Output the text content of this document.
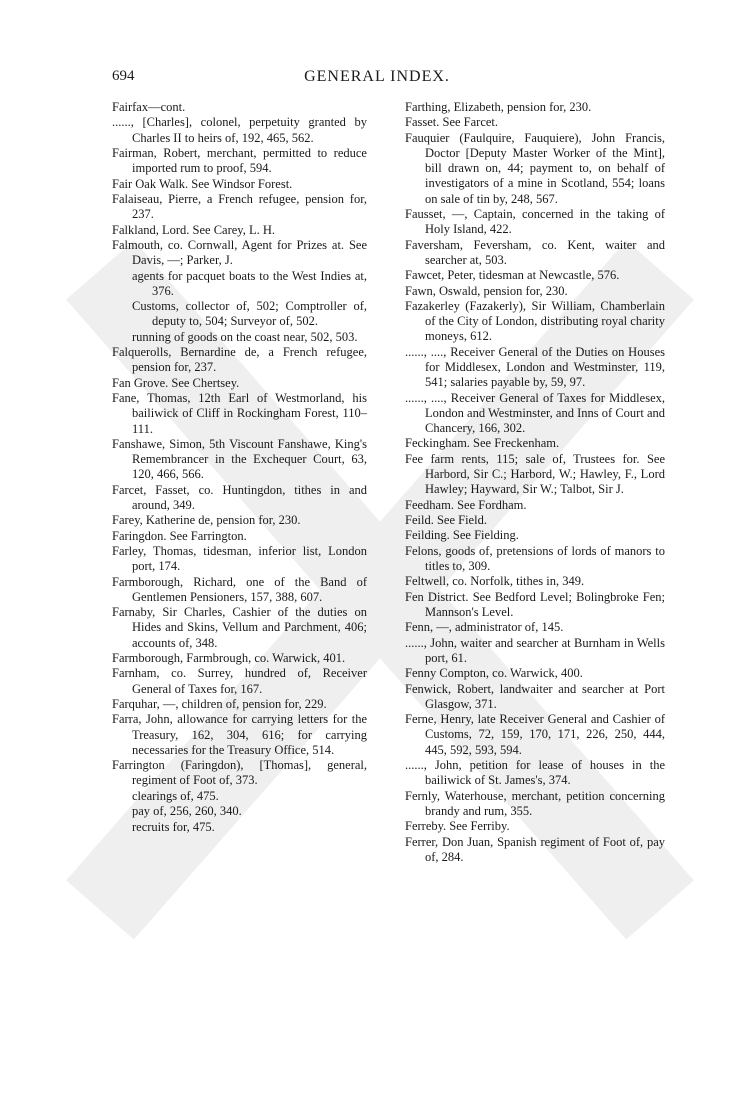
694	GENERAL INDEX.

Fairfax—cont.

......, [Charles], colonel, perpetuity granted by Charles II to heirs of, 192, 465, 562.

Fairman, Robert, merchant, permitted to reduce imported rum to proof, 594.

Fair Oak Walk. See Windsor Forest.

Falaiseau, Pierre, a French refugee, pension for, 237.

Falkland, Lord. See Carey, L. H.

Falmouth, co. Cornwall, Agent for Prizes at. See Davis, —; Parker, J.

agents for pacquet boats to the West Indies at, 376.

Customs, collector of, 502; Comptroller of, deputy to, 504; Surveyor of, 502.

running of goods on the coast near, 502, 503.

Falquerolls, Bernardine de, a French refugee, pension for, 237.

Fan Grove. See Chertsey.

Fane, Thomas, 12th Earl of Westmorland, his bailiwick of Cliff in Rockingham Forest, 110–111.

Fanshawe, Simon, 5th Viscount Fanshawe, King's Remembrancer in the Exchequer Court, 63, 120, 466, 566.

Farcet, Fasset, co. Huntingdon, tithes in and around, 349.

Farey, Katherine de, pension for, 230.

Faringdon. See Farrington.

Farley, Thomas, tidesman, inferior list, London port, 174.

Farmborough, Richard, one of the Band of Gentlemen Pensioners, 157, 388, 607.

Farnaby, Sir Charles, Cashier of the duties on Hides and Skins, Vellum and Parchment, 406; accounts of, 348.

Farmborough, Farmbrough, co. Warwick, 401.

Farnham, co. Surrey, hundred of, Receiver General of Taxes for, 167.

Farquhar, —, children of, pension for, 229.

Farra, John, allowance for carrying letters for the Treasury, 162, 304, 616; for carrying necessaries for the Treasury Office, 514.

Farrington (Faringdon), [Thomas], general, regiment of Foot of, 373.

clearings of, 475.

pay of, 256, 260, 340.

recruits for, 475.

Farthing, Elizabeth, pension for, 230.

Fasset. See Farcet.

Fauquier (Faulquire, Fauquiere), John Francis, Doctor [Deputy Master Worker of the Mint], bill drawn on, 44; payment to, on behalf of investigators of a mine in Scotland, 554; loans on sale of tin by, 248, 567.

Fausset, —, Captain, concerned in the taking of Holy Island, 422.

Faversham, Feversham, co. Kent, waiter and searcher at, 503.

Fawcet, Peter, tidesman at Newcastle, 576.

Fawn, Oswald, pension for, 230.

Fazakerley (Fazakerly), Sir William, Chamberlain of the City of London, distributing royal charity moneys, 612.

......, ...., Receiver General of the Duties on Houses for Middlesex, London and Westminster, 119, 541; salaries payable by, 59, 97.

......, ...., Receiver General of Taxes for Middlesex, London and Westminster, and Inns of Court and Chancery, 166, 302.

Feckingham. See Freckenham.

Fee farm rents, 115; sale of, Trustees for. See Harbord, Sir C.; Harbord, W.; Hawley, F., Lord Hawley; Hayward, Sir W.; Talbot, Sir J.

Feedham. See Fordham.

Feild. See Field.

Feilding. See Fielding.

Felons, goods of, pretensions of lords of manors to titles to, 309.

Feltwell, co. Norfolk, tithes in, 349.

Fen District. See Bedford Level; Bolingbroke Fen; Mannson's Level.

Fenn, —, administrator of, 145.

......, John, waiter and searcher at Burnham in Wells port, 61.

Fenny Compton, co. Warwick, 400.

Fenwick, Robert, landwaiter and searcher at Port Glasgow, 371.

Ferne, Henry, late Receiver General and Cashier of Customs, 72, 159, 170, 171, 226, 250, 444, 445, 592, 593, 594.

......, John, petition for lease of houses in the bailiwick of St. James's, 374.

Fernly, Waterhouse, merchant, petition concerning brandy and rum, 355.

Ferreby. See Ferriby.

Ferrer, Don Juan, Spanish regiment of Foot of, pay of, 284.
